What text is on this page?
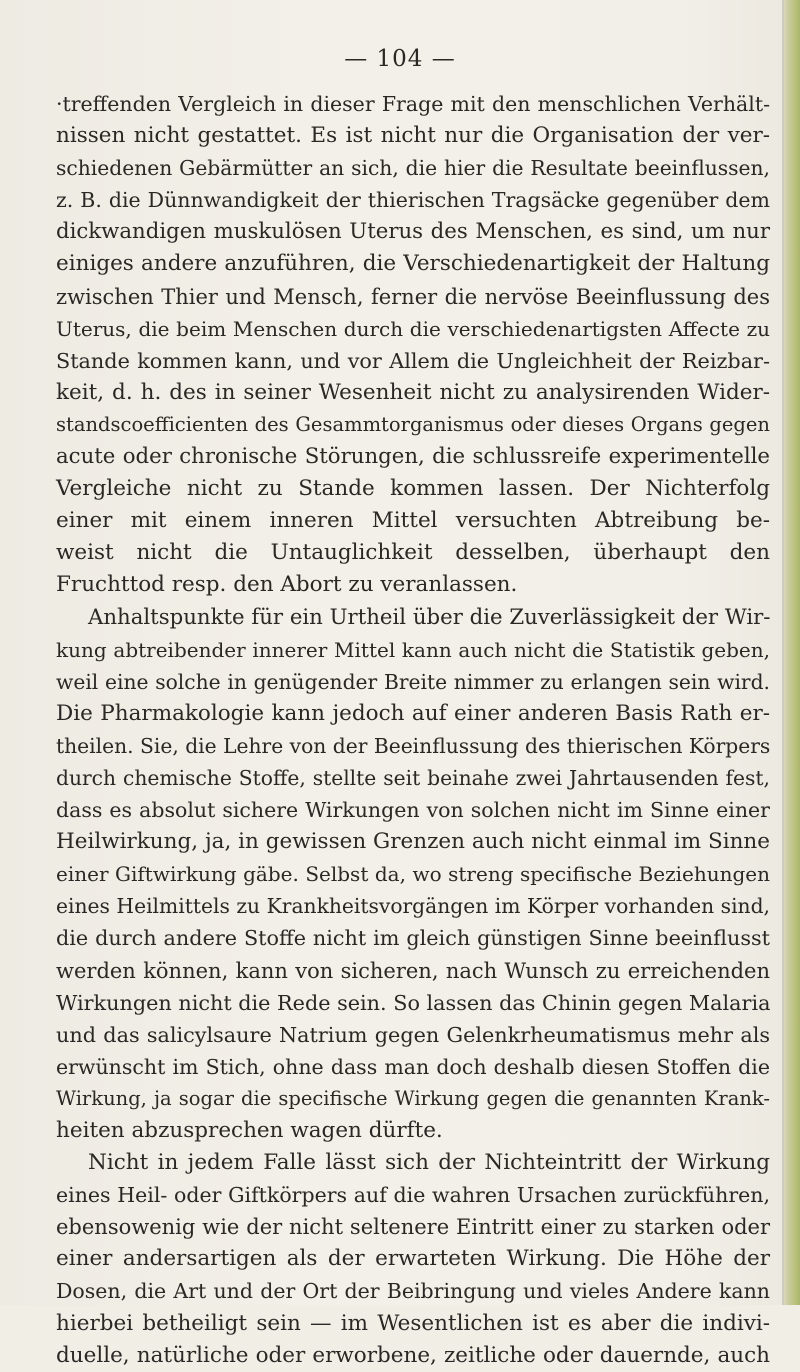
— 104 —
·treffenden Vergleich in dieser Frage mit den menschlichen Verhält-
nissen nicht gestattet. Es ist nicht nur die Organisation der ver-
schiedenen Gebärmütter an sich, die hier die Resultate beeinflussen,
z. B. die Dünnwandigkeit der thierischen Tragsäcke gegenüber dem
dickwandigen muskulösen Uterus des Menschen, es sind, um nur
einiges andere anzuführen, die Verschiedenartigkeit der Haltung
zwischen Thier und Mensch, ferner die nervöse Beeinflussung des
Uterus, die beim Menschen durch die verschiedenartigsten Affecte zu
Stande kommen kann, und vor Allem die Ungleichheit der Reizbar-
keit, d. h. des in seiner Wesenheit nicht zu analysirenden Wider-
standscoefficienten des Gesammtorganismus oder dieses Organs gegen
acute oder chronische Störungen, die schlussreife experimentelle
Vergleiche nicht zu Stande kommen lassen. Der Nichterfolg
einer mit einem inneren Mittel versuchten Abtreibung be-
weist nicht die Untauglichkeit desselben, überhaupt den
Fruchttod resp. den Abort zu veranlassen.
Anhaltspunkte für ein Urtheil über die Zuverlässigkeit der Wir-
kung abtreibender innerer Mittel kann auch nicht die Statistik geben,
weil eine solche in genügender Breite nimmer zu erlangen sein wird.
Die Pharmakologie kann jedoch auf einer anderen Basis Rath er-
theilen. Sie, die Lehre von der Beeinflussung des thierischen Körpers
durch chemische Stoffe, stellte seit beinahe zwei Jahrtausenden fest,
dass es absolut sichere Wirkungen von solchen nicht im Sinne einer
Heilwirkung, ja, in gewissen Grenzen auch nicht einmal im Sinne
einer Giftwirkung gäbe. Selbst da, wo streng specifische Beziehungen
eines Heilmittels zu Krankheitsvorgängen im Körper vorhanden sind,
die durch andere Stoffe nicht im gleich günstigen Sinne beeinflusst
werden können, kann von sicheren, nach Wunsch zu erreichenden
Wirkungen nicht die Rede sein. So lassen das Chinin gegen Malaria
und das salicylsaure Natrium gegen Gelenkrheumatismus mehr als
erwünscht im Stich, ohne dass man doch deshalb diesen Stoffen die
Wirkung, ja sogar die specifische Wirkung gegen die genannten Krank-
heiten abzusprechen wagen dürfte.
Nicht in jedem Falle lässt sich der Nichteintritt der Wirkung
eines Heil- oder Giftkörpers auf die wahren Ursachen zurückführen,
ebensowenig wie der nicht seltenere Eintritt einer zu starken oder
einer andersartigen als der erwarteten Wirkung. Die Höhe der
Dosen, die Art und der Ort der Beibringung und vieles Andere kann
hierbei betheiligt sein — im Wesentlichen ist es aber die indivi-
duelle, natürliche oder erworbene, zeitliche oder dauernde, auch
